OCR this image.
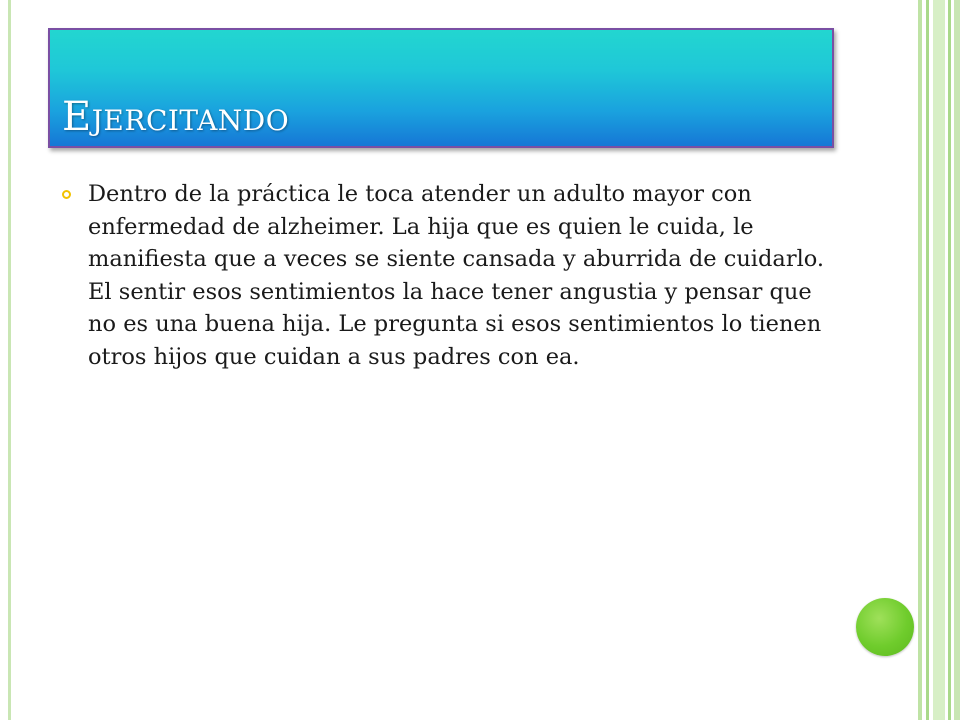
Ejercitando
Dentro de la práctica le toca atender un adulto mayor con enfermedad de alzheimer. La hija que es quien le cuida, le manifiesta que a veces se siente cansada y aburrida de cuidarlo. El sentir esos sentimientos la hace tener angustia y pensar que no es una buena hija. Le pregunta si esos sentimientos lo tienen otros hijos que cuidan a sus padres con ea.
